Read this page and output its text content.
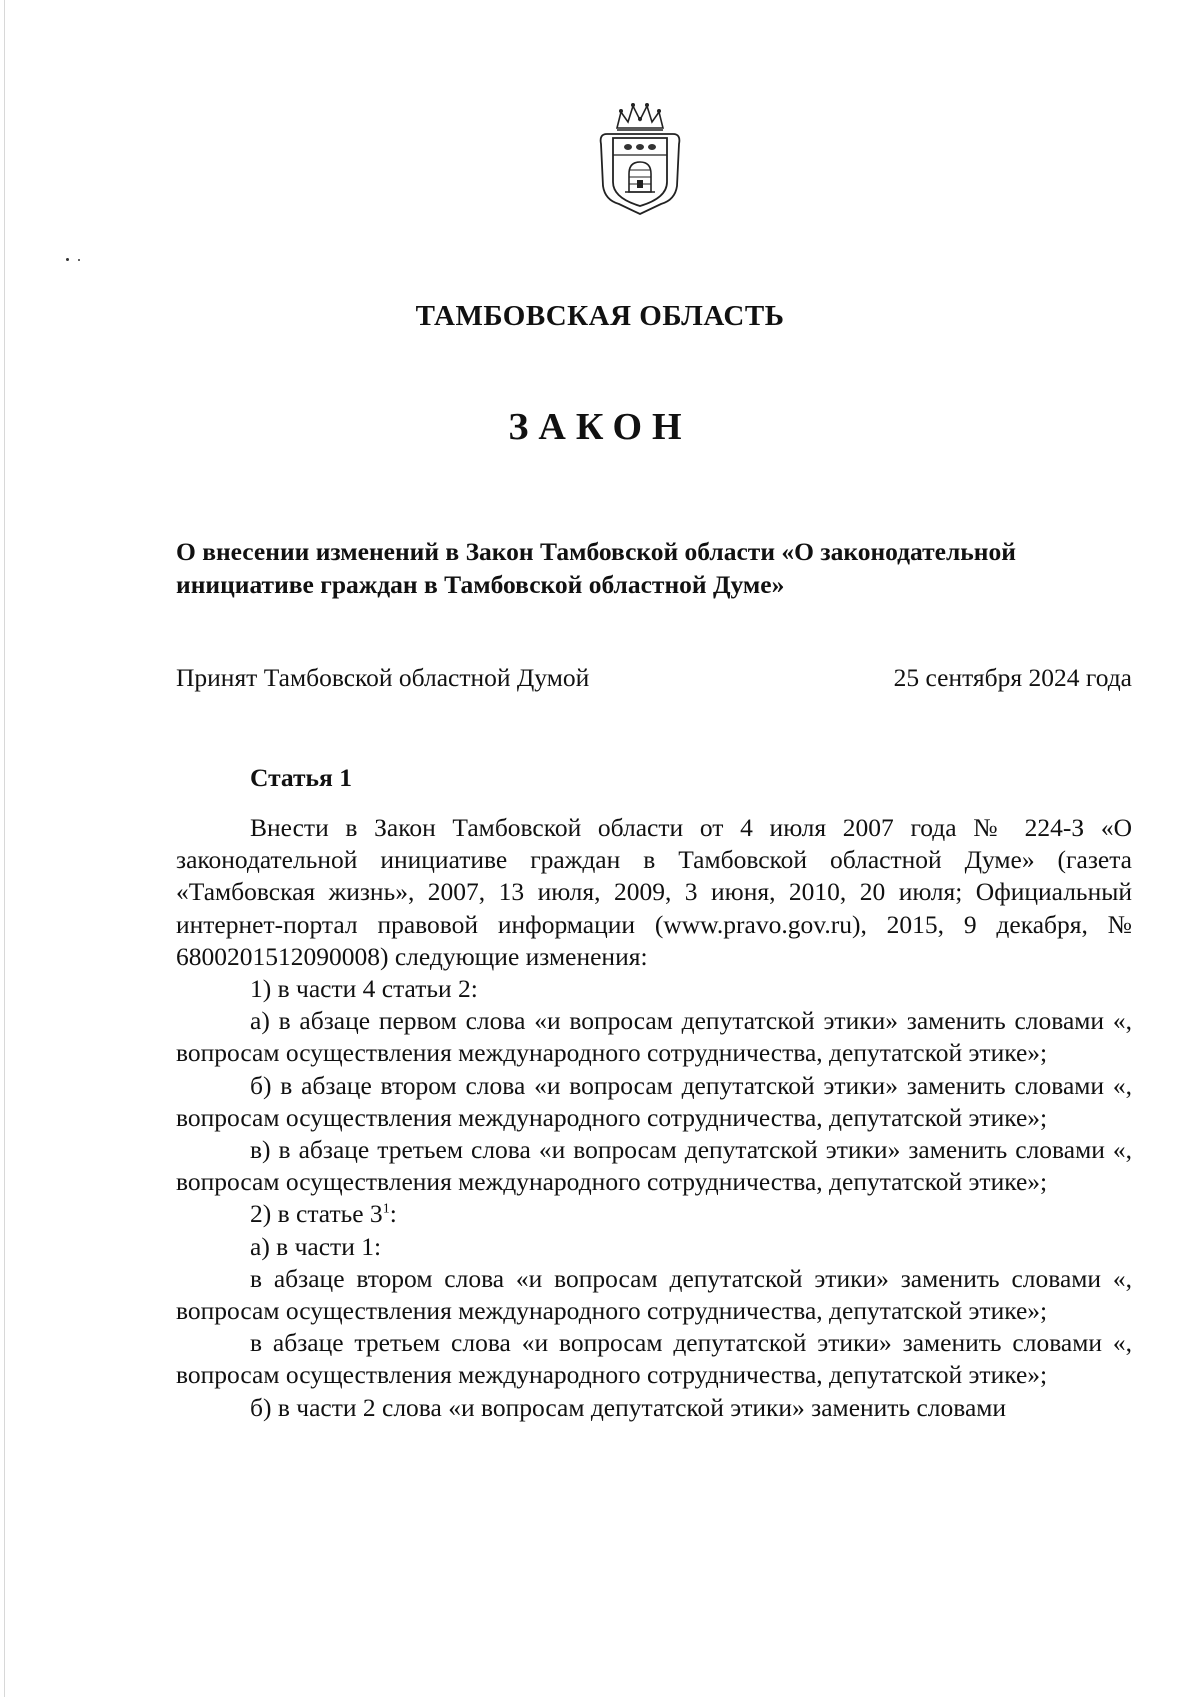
ТАМБОВСКАЯ ОБЛАСТЬ
ЗАКОН

О внесении изменений в Закон Тамбовской области «О законодательной инициативе граждан в Тамбовской областной Думе»

Принят Тамбовской областной Думой	25 сентября 2024 года
Статья 1

Внести в Закон Тамбовской области от 4 июля 2007 года № 224-З «О законодательной инициативе граждан в Тамбовской областной Думе» (газета «Тамбовская жизнь», 2007, 13 июля, 2009, 3 июня, 2010, 20 июля; Официальный интернет-портал правовой информации (www.pravo.gov.ru), 2015, 9 декабря, № 6800201512090008) следующие изменения:

1) в части 4 статьи 2:

а) в абзаце первом слова «и вопросам депутатской этики» заменить словами «, вопросам осуществления международного сотрудничества, депутатской этике»;

б) в абзаце втором слова «и вопросам депутатской этики» заменить словами «, вопросам осуществления международного сотрудничества, депутатской этике»;

в) в абзаце третьем слова «и вопросам депутатской этики» заменить словами «, вопросам осуществления международного сотрудничества, депутатской этике»;

2) в статье $3^1$:

а) в части 1:

в абзаце втором слова «и вопросам депутатской этики» заменить словами «, вопросам осуществления международного сотрудничества, депутатской этике»;

в абзаце третьем слова «и вопросам депутатской этики» заменить словами «, вопросам осуществления международного сотрудничества, депутатской этике»;

б) в части 2 слова «и вопросам депутатской этики» заменить словами
